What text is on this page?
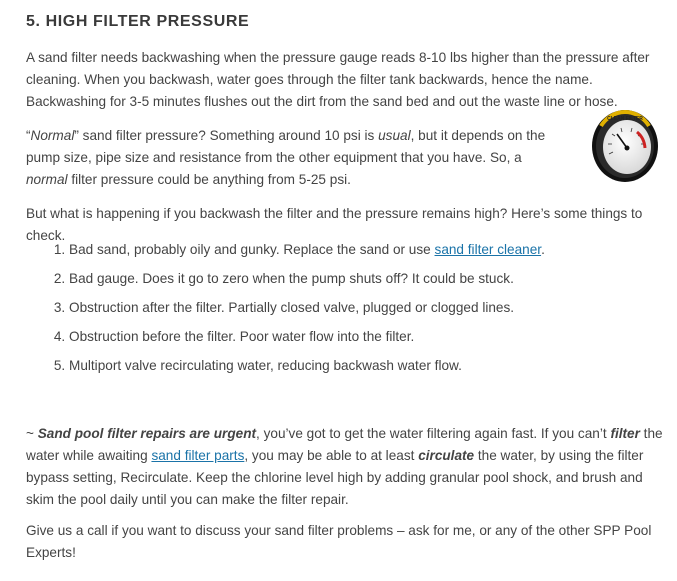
5. HIGH FILTER PRESSURE

A sand filter needs backwashing when the pressure gauge reads 8-10 lbs higher than the pressure after cleaning. When you backwash, water goes through the filter tank backwards, hence the name. Backwashing for 3-5 minutes flushes out the dirt from the sand bed and out the waste line or hose.

“Normal” sand filter pressure? Something around 10 psi is usual, but it depends on the pump size, pipe size and resistance from the other equipment that you have. So, a normal filter pressure could be anything from 5-25 psi.

CLEAN FILTER

But what is happening if you backwash the filter and the pressure remains high? Here’s some things to check.

1. Bad sand, probably oily and gunky. Replace the sand or use sand filter cleaner.
2. Bad gauge. Does it go to zero when the pump shuts off? It could be stuck.
3. Obstruction after the filter. Partially closed valve, plugged or clogged lines.
4. Obstruction before the filter. Poor water flow into the filter.
5. Multiport valve recirculating water, reducing backwash water flow.

~ Sand pool filter repairs are urgent, you’ve got to get the water filtering again fast. If you can’t filter the water while awaiting sand filter parts, you may be able to at least circulate the water, by using the filter bypass setting, Recirculate. Keep the chlorine level high by adding granular pool shock, and brush and skim the pool daily until you can make the filter repair.

Give us a call if you want to discuss your sand filter problems – ask for me, or any of the other SPP Pool Experts!
